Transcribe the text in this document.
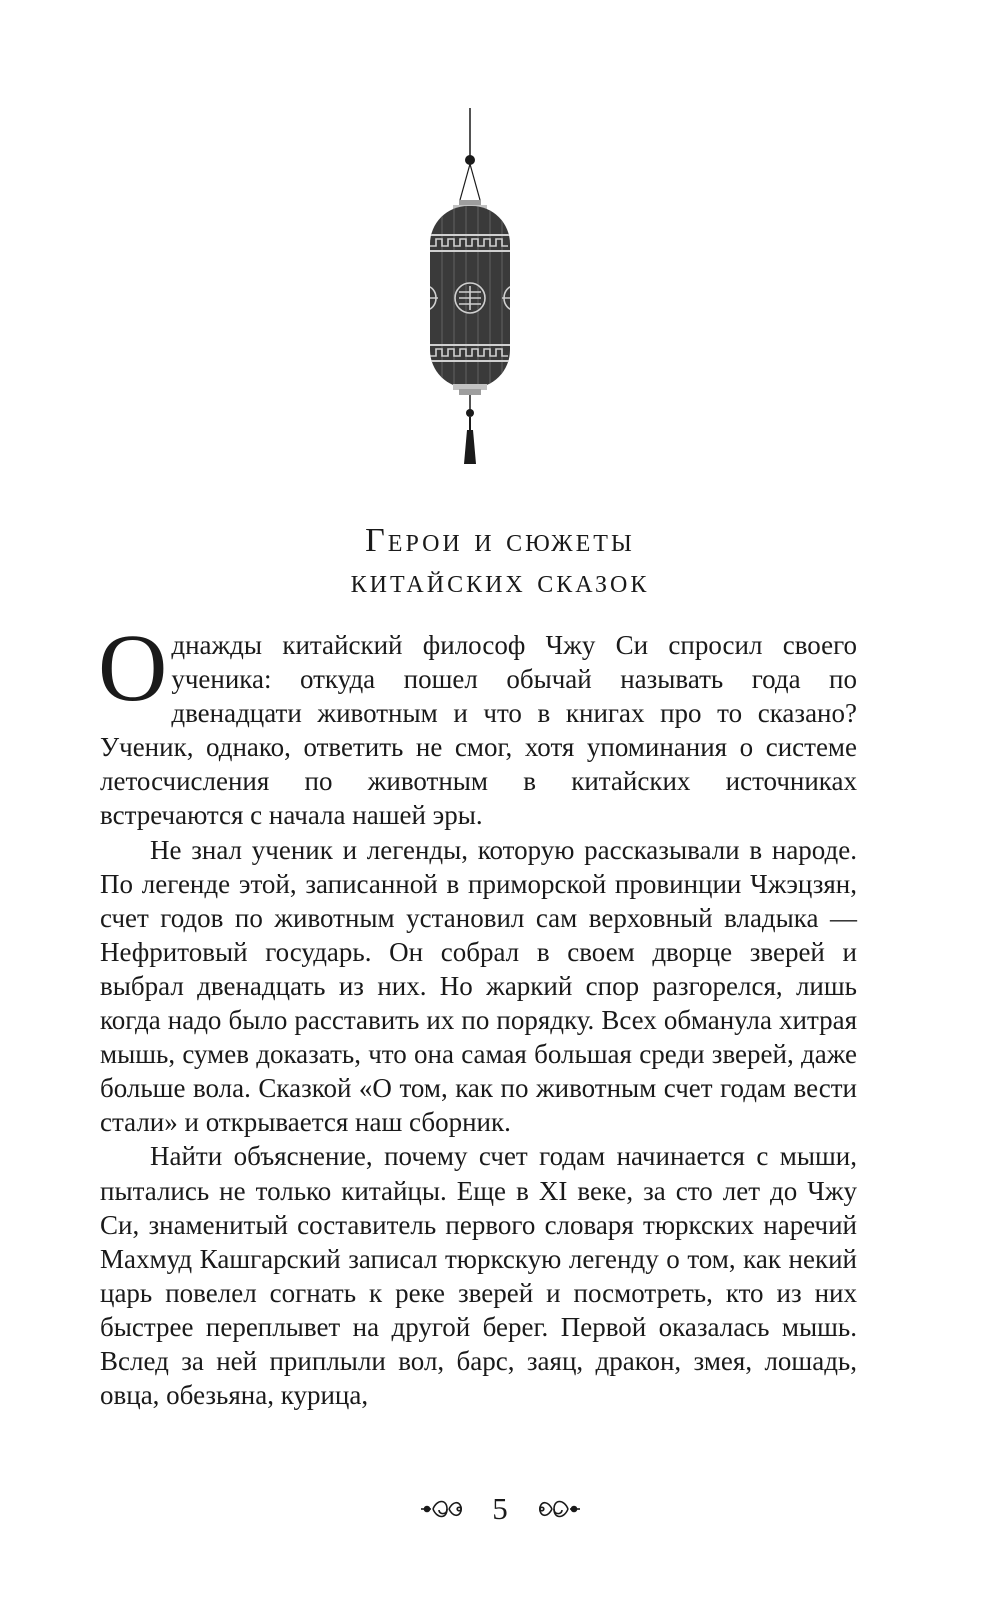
Герои и сюжеты
китайских сказок

Однажды китайский философ Чжу Си спросил своего ученика: откуда пошел обычай называть года по двенадцати животным и что в книгах про то сказано? Ученик, однако, ответить не смог, хотя упоминания о системе летосчисления по животным в китайских источниках встречаются с начала нашей эры.

Не знал ученик и легенды, которую рассказывали в народе. По легенде этой, записанной в приморской провинции Чжэцзян, счет годов по животным установил сам верховный владыка — Нефритовый государь. Он собрал в своем дворце зверей и выбрал двенадцать из них. Но жаркий спор разгорелся, лишь когда надо было расставить их по порядку. Всех обманула хитрая мышь, сумев доказать, что она самая большая среди зверей, даже больше вола. Сказкой «О том, как по животным счет годам вести стали» и открывается наш сборник.

Найти объяснение, почему счет годам начинается с мыши, пытались не только китайцы. Еще в XI веке, за сто лет до Чжу Си, знаменитый составитель первого словаря тюркских наречий Махмуд Кашгарский записал тюркскую легенду о том, как некий царь повелел согнать к реке зверей и посмотреть, кто из них быстрее переплывет на другой берег. Первой оказалась мышь. Вслед за ней приплыли вол, барс, заяц, дракон, змея, лошадь, овца, обезьяна, курица,

5
